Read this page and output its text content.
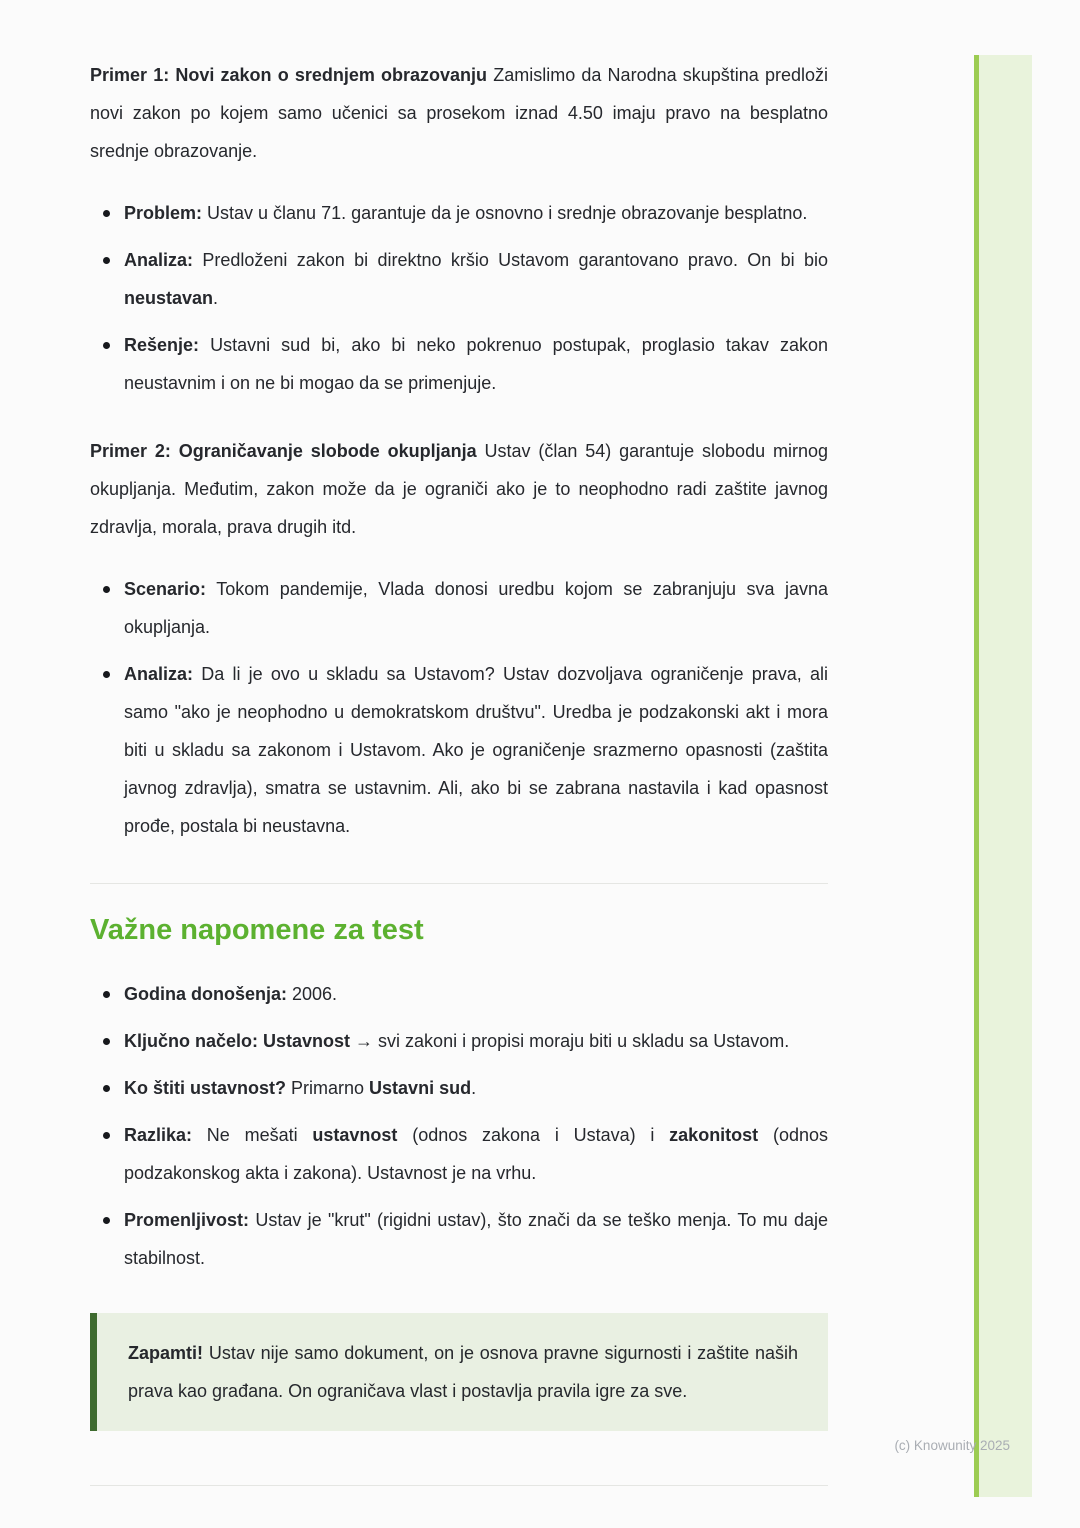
Primer 1: Novi zakon o srednjem obrazovanju Zamislimo da Narodna skupština predloži novi zakon po kojem samo učenici sa prosekom iznad 4.50 imaju pravo na besplatno srednje obrazovanje.

Problem: Ustav u članu 71. garantuje da je osnovno i srednje obrazovanje besplatno.
Analiza: Predloženi zakon bi direktno kršio Ustavom garantovano pravo. On bi bio neustavan.
Rešenje: Ustavni sud bi, ako bi neko pokrenuo postupak, proglasio takav zakon neustavnim i on ne bi mogao da se primenjuje.

Primer 2: Ograničavanje slobode okupljanja Ustav (član 54) garantuje slobodu mirnog okupljanja. Međutim, zakon može da je ograniči ako je to neophodno radi zaštite javnog zdravlja, morala, prava drugih itd.

Scenario: Tokom pandemije, Vlada donosi uredbu kojom se zabranjuju sva javna okupljanja.
Analiza: Da li je ovo u skladu sa Ustavom? Ustav dozvoljava ograničenje prava, ali samo "ako je neophodno u demokratskom društvu". Uredba je podzakonski akt i mora biti u skladu sa zakonom i Ustavom. Ako je ograničenje srazmerno opasnosti (zaštita javnog zdravlja), smatra se ustavnim. Ali, ako bi se zabrana nastavila i kad opasnost prođe, postala bi neustavna.
Važne napomene za test
Godina donošenja: 2006.
Ključno načelo: Ustavnost → svi zakoni i propisi moraju biti u skladu sa Ustavom.
Ko štiti ustavnost? Primarno Ustavni sud.
Razlika: Ne mešati ustavnost (odnos zakona i Ustava) i zakonitost (odnos podzakonskog akta i zakona). Ustavnost je na vrhu.
Promenljivost: Ustav je "krut" (rigidni ustav), što znači da se teško menja. To mu daje stabilnost.
Zapamti! Ustav nije samo dokument, on je osnova pravne sigurnosti i zaštite naših prava kao građana. On ograničava vlast i postavlja pravila igre za sve.
(c) Knowunity 2025
